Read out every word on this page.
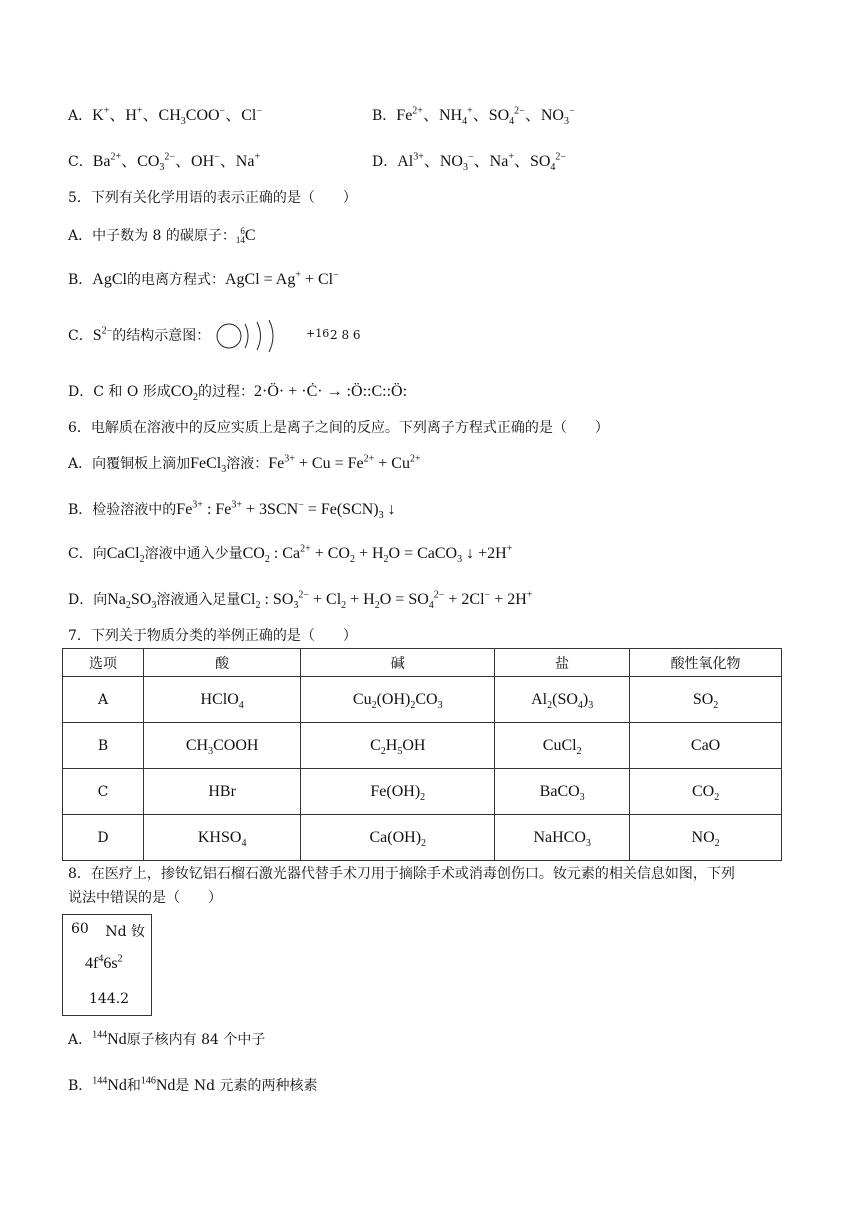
A．K+、H+、$CH_3COO^-$、Cl−	B．$Fe^{2+}$、$NH_4^+$、$SO_4^{2-}$、$NO_3^-$
C．$Ba^{2+}$、$CO_3^{2-}$、OH−、Na+	D．$Al^{3+}$、$NO_3^-$、Na+、$SO_4^{2-}$
5．下列有关化学用语的表示正确的是（　　）
A．中子数为 8 的碳原子： 6
14C
B．AgCl的电离方程式：AgCl = Ag+ + Cl−
C．$S^{2-}$的结构示意图：	+16 2 8 6
D．C 和 O 形成$CO_2$的过程：2·Ö· + ·Ċ· → :Ö::C::Ö:
6．电解质在溶液中的反应实质上是离子之间的反应。下列离子方程式正确的是（　　）
A．向覆铜板上滴加FeCl$_3$溶液：$Fe^{3+} + Cu = Fe^{2+} + Cu^{2+}$
B．检验溶液中的$Fe^{3+}$ : $Fe^{3+} + 3SCN^- = Fe(SCN)_3$ ↓
C．向CaCl$_2$溶液中通入少量$CO_2$ : $Ca^{2+} + CO_2 + H_2O$ = CaCO$_3$ ↓ +2H+
D．向$Na_2SO_3$溶液通入足量$Cl_2$ : $SO_3^{2-} + Cl_2 + H_2O = SO_4^{2-} + 2Cl^- + 2H^+$
7．下列关于物质分类的举例正确的是（　　）
选项	酸	碱	盐	酸性氧化物
A	HClO$_4$	$Cu_2(OH)_2CO_3$	$Al_2(SO_4)_3$	$SO_2$
B	$CH_3COOH$	$C_2H_5OH$	CuCl$_2$	CaO
C	HBr	$Fe(OH)_2$	BaCO$_3$	$CO_2$
D	$KHSO_4$	$Ca(OH)_2$	NaHCO$_3$	$NO_2$
8．在医疗上，掺钕钇铝石榴石激光器代替手术刀用于摘除手术或消毒创伤口。钕元素的相关信息如图，下列
说法中错误的是（　　）
60 Nd 钕
$4f^46s^2$
144.2
A．$^{144}$Nd原子核内有 84 个中子
B．$^{144}$Nd和$^{146}$Nd是 Nd 元素的两种核素
